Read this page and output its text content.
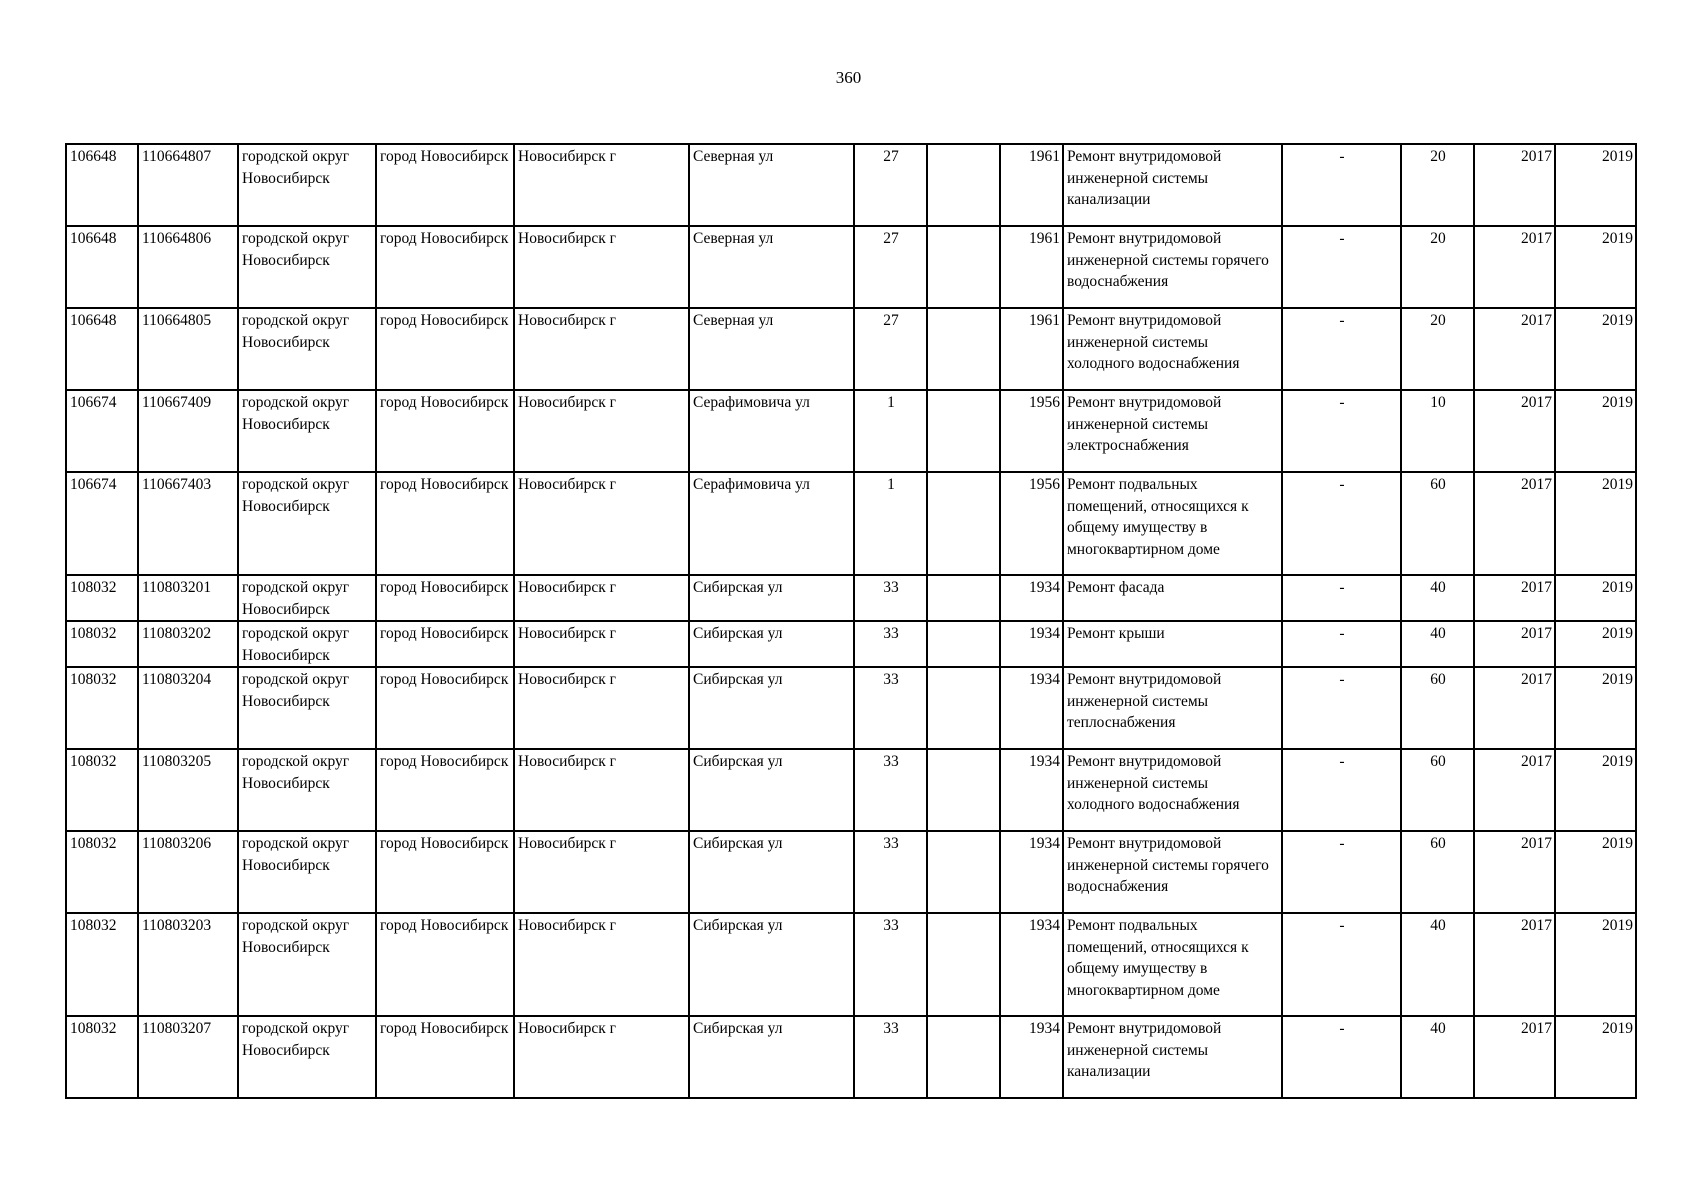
360
106648	110664807	городской округ Новосибирск	город Новосибирск	Новосибирск г	Северная ул	27		1961	Ремонт внутридомовой инженерной системы канализации	-	20	2017	2019
106648	110664806	городской округ Новосибирск	город Новосибирск	Новосибирск г	Северная ул	27		1961	Ремонт внутридомовой инженерной системы горячего водоснабжения	-	20	2017	2019
106648	110664805	городской округ Новосибирск	город Новосибирск	Новосибирск г	Северная ул	27		1961	Ремонт внутридомовой инженерной системы холодного водоснабжения	-	20	2017	2019
106674	110667409	городской округ Новосибирск	город Новосибирск	Новосибирск г	Серафимовича ул	1		1956	Ремонт внутридомовой инженерной системы электроснабжения	-	10	2017	2019
106674	110667403	городской округ Новосибирск	город Новосибирск	Новосибирск г	Серафимовича ул	1		1956	Ремонт подвальных помещений, относящихся к общему имуществу в многоквартирном доме	-	60	2017	2019
108032	110803201	городской округ Новосибирск	город Новосибирск	Новосибирск г	Сибирская ул	33		1934	Ремонт фасада	-	40	2017	2019
108032	110803202	городской округ Новосибирск	город Новосибирск	Новосибирск г	Сибирская ул	33		1934	Ремонт крыши	-	40	2017	2019
108032	110803204	городской округ Новосибирск	город Новосибирск	Новосибирск г	Сибирская ул	33		1934	Ремонт внутридомовой инженерной системы теплоснабжения	-	60	2017	2019
108032	110803205	городской округ Новосибирск	город Новосибирск	Новосибирск г	Сибирская ул	33		1934	Ремонт внутридомовой инженерной системы холодного водоснабжения	-	60	2017	2019
108032	110803206	городской округ Новосибирск	город Новосибирск	Новосибирск г	Сибирская ул	33		1934	Ремонт внутридомовой инженерной системы горячего водоснабжения	-	60	2017	2019
108032	110803203	городской округ Новосибирск	город Новосибирск	Новосибирск г	Сибирская ул	33		1934	Ремонт подвальных помещений, относящихся к общему имуществу в многоквартирном доме	-	40	2017	2019
108032	110803207	городской округ Новосибирск	город Новосибирск	Новосибирск г	Сибирская ул	33		1934	Ремонт внутридомовой инженерной системы канализации	-	40	2017	2019
